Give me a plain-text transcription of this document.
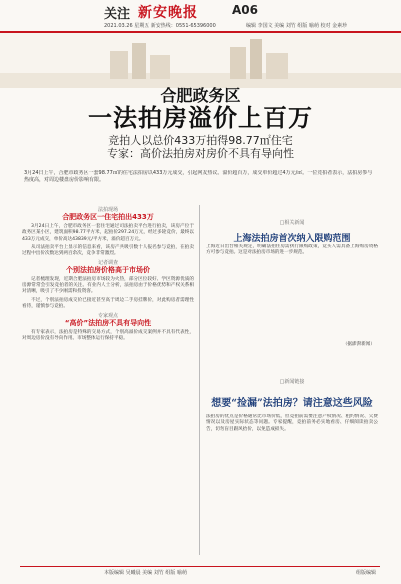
关注 新安晚报	A06
2021.03.26 星期五 新安热线：0551-65396000	编辑 李国文 美编 刘竹 组版 喻萌 校对 金素珍
合肥政务区
一法拍房溢价上百万
竞拍人以总价433万拍得98.77㎡住宅
专家：高价法拍房对房价不具有导向性
3月24日上午，合肥市政务区一套98.77㎡的住宅法拍房以433万元成交，引起网友热议。溢价超百万，成交单价超过4万元/㎡。一位竞拍者表示，法拍房参与热度高，对周边楼盘房价影响有限。
法拍现场
合肥政务区一住宅拍出433万
3月24日上午，合肥市政务区一套住宅通过司法拍卖平台进行拍卖，该房产位于政务区某小区，建筑面积98.77平方米，起拍价297.24万元，经过多轮竞价，最终以433万元成交，单价高达43839元/平方米，溢价超百万元。
从司法拍卖平台上显示的信息来看，该房产共吸引数十人报名参与竞拍，在拍卖过程中出价次数达到两百余次，竞争非常激烈。
记者调查
个别法拍房价格高于市场价
记者梳理发现，近期合肥法拍房市场较为火热，部分区位较好、学区资源优质的房源常常会引发竞拍者的关注。有业内人士分析，法拍房由于价格优势和产权关系相对清晰，吸引了不少刚需和投资客。
不过，个别法拍房成交价已接近甚至高于周边二手房挂牌价，对此购房者需理性看待，谨慎参与竞拍。
专家观点
“高价”法拍房不具有导向性
有专家表示，法拍房是特殊的交易方式，个别高溢价成交案例并不具有代表性，对周边房价没有导向作用。市场整体运行保持平稳。
□相关新闻
上海法拍房首次纳入限购范围
上海近日出台相关规定，明确法拍住房需执行限购政策，竞买人需具备上海购房资格方可参与竞拍。这是对法拍房市场的进一步规范。
（据澎湃新闻）
□新闻链接
想要“捡漏”法拍房？请注意这些风险
法拍房的优点是价格通常比市场价低，但竞拍前需要注意产权情况、租约情况、欠费情况以及房屋实际状态等问题。专家提醒，竞拍前务必实地看房、仔细阅读拍卖公告，切勿盲目跟风抬价，以免造成损失。
本版编辑 吴曦晨 美编 刘竹 组版 喻萌	组版编辑
